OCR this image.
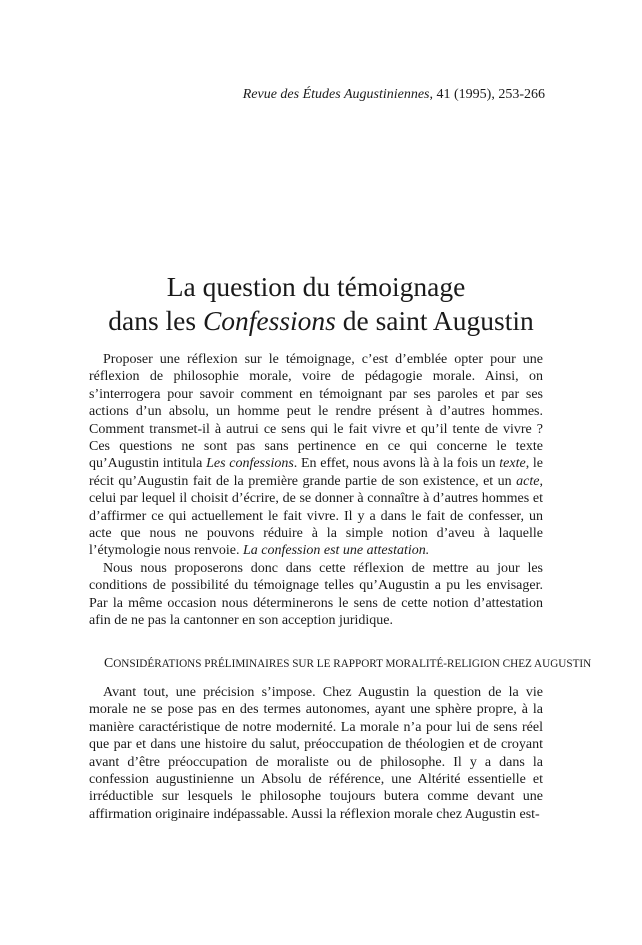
Revue des Études Augustiniennes, 41 (1995), 253-266
La question du témoignage
dans les Confessions de saint Augustin

Proposer une réflexion sur le témoignage, c’est d’emblée opter pour une réflexion de philosophie morale, voire de pédagogie morale. Ainsi, on s’interrogera pour savoir comment en témoignant par ses paroles et par ses actions d’un absolu, un homme peut le rendre présent à d’autres hommes. Comment transmet-il à autrui ce sens qui le fait vivre et qu’il tente de vivre ? Ces questions ne sont pas sans pertinence en ce qui concerne le texte qu’Augustin intitula Les confessions. En effet, nous avons là à la fois un texte, le récit qu’Augustin fait de la première grande partie de son existence, et un acte, celui par lequel il choisit d’écrire, de se donner à connaître à d’autres hommes et d’affirmer ce qui actuellement le fait vivre. Il y a dans le fait de confesser, un acte que nous ne pouvons réduire à la simple notion d’aveu à laquelle l’étymologie nous renvoie. La confession est une attestation.

Nous nous proposerons donc dans cette réflexion de mettre au jour les conditions de possibilité du témoignage telles qu’Augustin a pu les envisager. Par la même occasion nous déterminerons le sens de cette notion d’attestation afin de ne pas la cantonner en son acception juridique.

CONSIDÉRATIONS PRÉLIMINAIRES SUR LE RAPPORT MORALITÉ-RELIGION CHEZ AUGUSTIN

Avant tout, une précision s’impose. Chez Augustin la question de la vie morale ne se pose pas en des termes autonomes, ayant une sphère propre, à la manière caractéristique de notre modernité. La morale n’a pour lui de sens réel que par et dans une histoire du salut, préoccupation de théologien et de croyant avant d’être préoccupation de moraliste ou de philosophe. Il y a dans la confession augustinienne un Absolu de référence, une Altérité essentielle et irréductible sur lesquels le philosophe toujours butera comme devant une affirmation originaire indépassable. Aussi la réflexion morale chez Augustin est-
